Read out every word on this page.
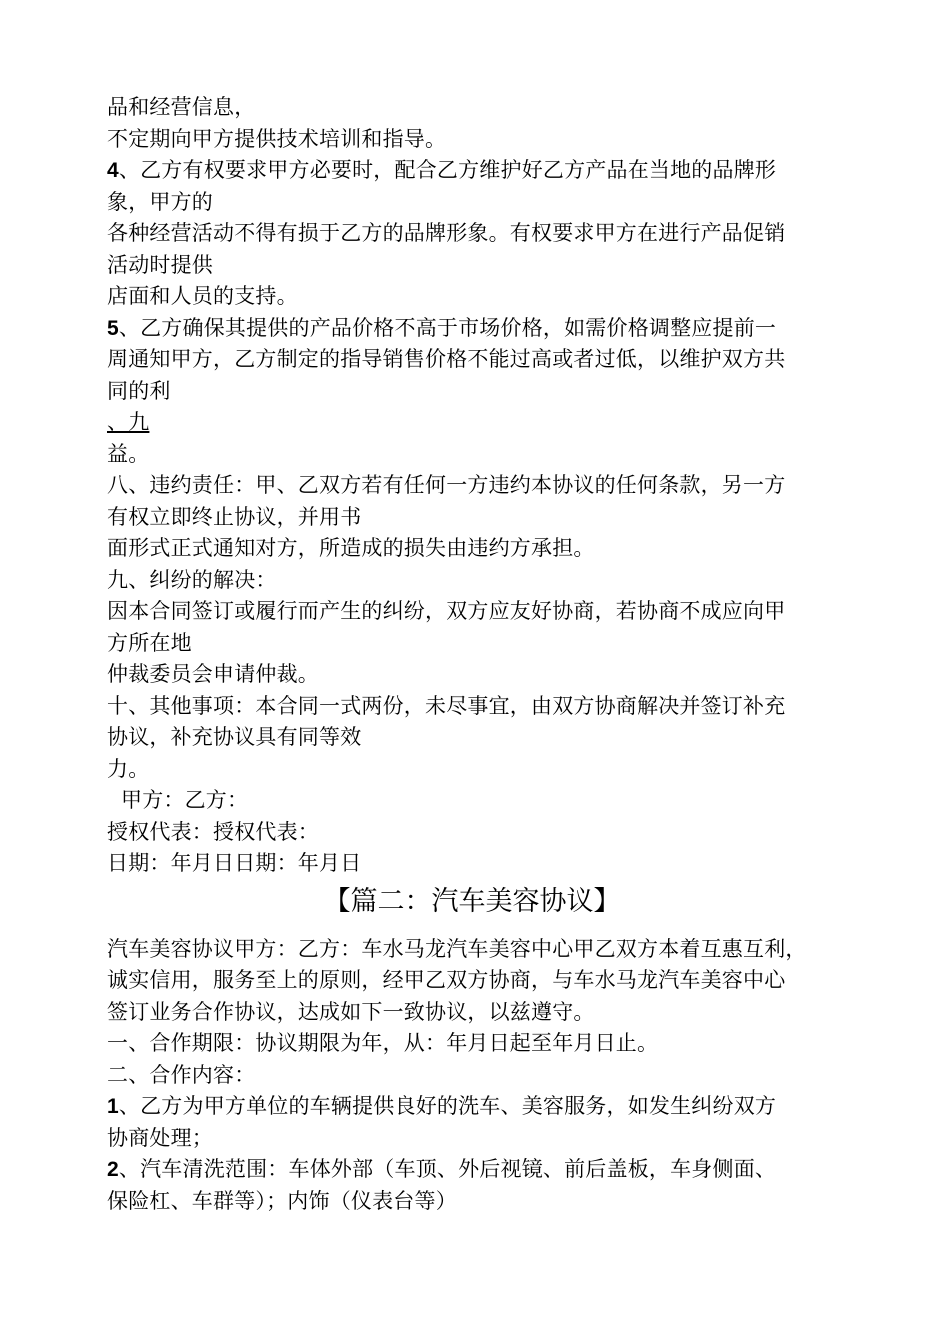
品和经营信息，
不定期向甲方提供技术培训和指导。
4、乙方有权要求甲方必要时，配合乙方维护好乙方产品在当地的品牌形
象，甲方的
各种经营活动不得有损于乙方的品牌形象。有权要求甲方在进行产品促销
活动时提供
店面和人员的支持。
5、乙方确保其提供的产品价格不高于市场价格，如需价格调整应提前一
周通知甲方，乙方制定的指导销售价格不能过高或者过低，以维护双方共
同的利
、九
益。
八、违约责任：甲、乙双方若有任何一方违约本协议的任何条款，另一方
有权立即终止协议，并用书
面形式正式通知对方，所造成的损失由违约方承担。
九、纠纷的解决：
因本合同签订或履行而产生的纠纷，双方应友好协商，若协商不成应向甲
方所在地
仲裁委员会申请仲裁。
十、其他事项：本合同一式两份，未尽事宜，由双方协商解决并签订补充
协议，补充协议具有同等效
力。
甲方：乙方：
授权代表：授权代表：
日期：年月日日期：年月日
【篇二：汽车美容协议】
汽车美容协议甲方：乙方：车水马龙汽车美容中心甲乙双方本着互惠互利，
诚实信用，服务至上的原则，经甲乙双方协商，与车水马龙汽车美容中心
签订业务合作协议，达成如下一致协议，以兹遵守。
一、合作期限：协议期限为年，从：年月日起至年月日止。
二、合作内容：
1、乙方为甲方单位的车辆提供良好的洗车、美容服务，如发生纠纷双方
协商处理；
2、汽车清洗范围：车体外部（车顶、外后视镜、前后盖板，车身侧面、
保险杠、车群等）；内饰（仪表台等）
